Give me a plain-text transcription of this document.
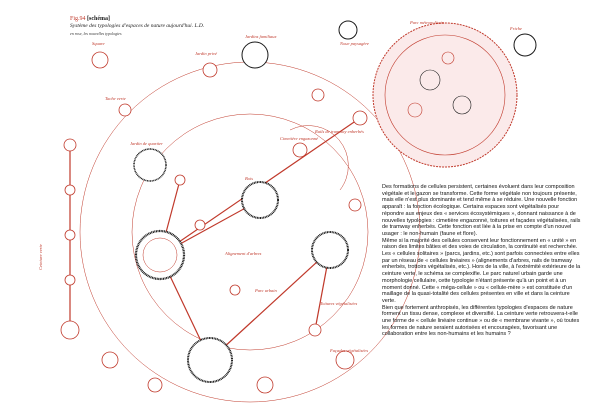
Fig.94 [schéma]
Système des typologies d'espaces de nature aujourd'hui. L.D.
en rose, les nouvelles typologies
Parc métropolitain
Rails de tramway enherbés
Ceinture verte
Parc urbain
Alignement d'arbres
Toitures végétalisées
Façades végétalisées
Square
Jardin privé
Noue paysagère
Friche
Jardins familiaux
Cimetière engazonné
Tache verte
Bois
Jardin de quartier
Des formations de cellules persistent, certaines évoluent dans leur composition végétale et le gazon se transforme. Cette forme végétale non toujours présente, mais elle n'est plus dominante et tend même à se réduire. Une nouvelle fonction apparaît : la fonction écologique. Certains espaces sont végétalisés pour répondre aux enjeux des « services écosystémiques », donnant naissance à de nouvelles typologies : cimetière engazonné, toitures et façades végétalisées, rails de tramway enherbés. Cette fonction est liée à la prise en compte d'un nouvel usager : le non-humain (faune et flore).
Même si la majorité des cellules conservent leur fonctionnement en « unité » en raison des limites bâties et des voies de circulation, la continuité est recherchée. Les « cellules solitaires » (parcs, jardins, etc.) sont parfois connectées entre elles par un réseau de « cellules linéaires » (alignements d'arbres, rails de tramway enherbés, trottoirs végétalisés, etc.). Hors de la ville, à l'extrémité extérieure de la ceinture verte, le schéma se complexifie. Le parc naturel urbain garde une morphologie cellulaire, cette typologie n'étant présente qu'à un point et à un moment donné. Cette « méga-cellule » ou « cellule-mère » est constituée d'un maillage de la quasi-totalité des cellules présentes en ville et dans la ceinture verte.
Bien que fortement anthropisés, les différentes typologies d'espaces de nature forment un tissu dense, complexe et diversifié. La ceinture verte retrouvera-t-elle une forme de « cellule linéaire continue » ou de « membrane vivante », où toutes les formes de nature seraient autorisées et encouragées, favorisant une collaboration entre les non-humains et les humains ?
